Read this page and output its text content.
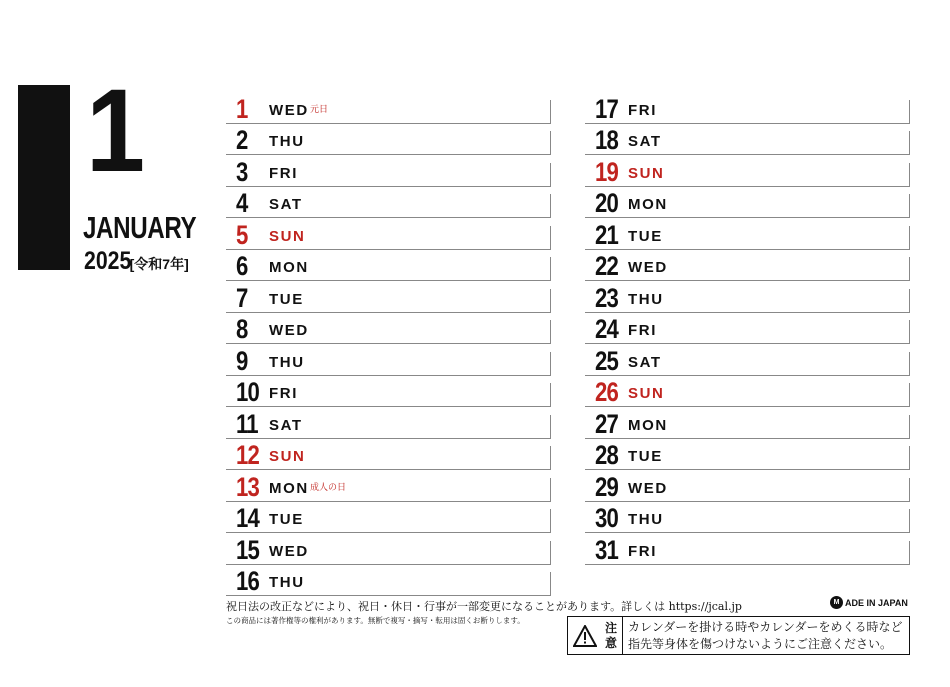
1
JANUARY
2025[令和7年]
1 WED 元日
2 THU
3 FRI
4 SAT
5 SUN
6 MON
7 TUE
8 WED
9 THU
10 FRI
11 SAT
12 SUN
13 MON 成人の日
14 TUE
15 WED
16 THU
17 FRI
18 SAT
19 SUN
20 MON
21 TUE
22 WED
23 THU
24 FRI
25 SAT
26 SUN
27 MON
28 TUE
29 WED
30 THU
31 FRI
祝日法の改正などにより、祝日・休日・行事が一部変更になることがあります。詳しくは https://jcal.jp
この商品には著作権等の権利があります。無断で複写・摘写・転用は固くお断りします。
M ADE IN JAPAN
注意
カレンダーを掛ける時やカレンダーをめくる時など
指先等身体を傷つけないようにご注意ください。
